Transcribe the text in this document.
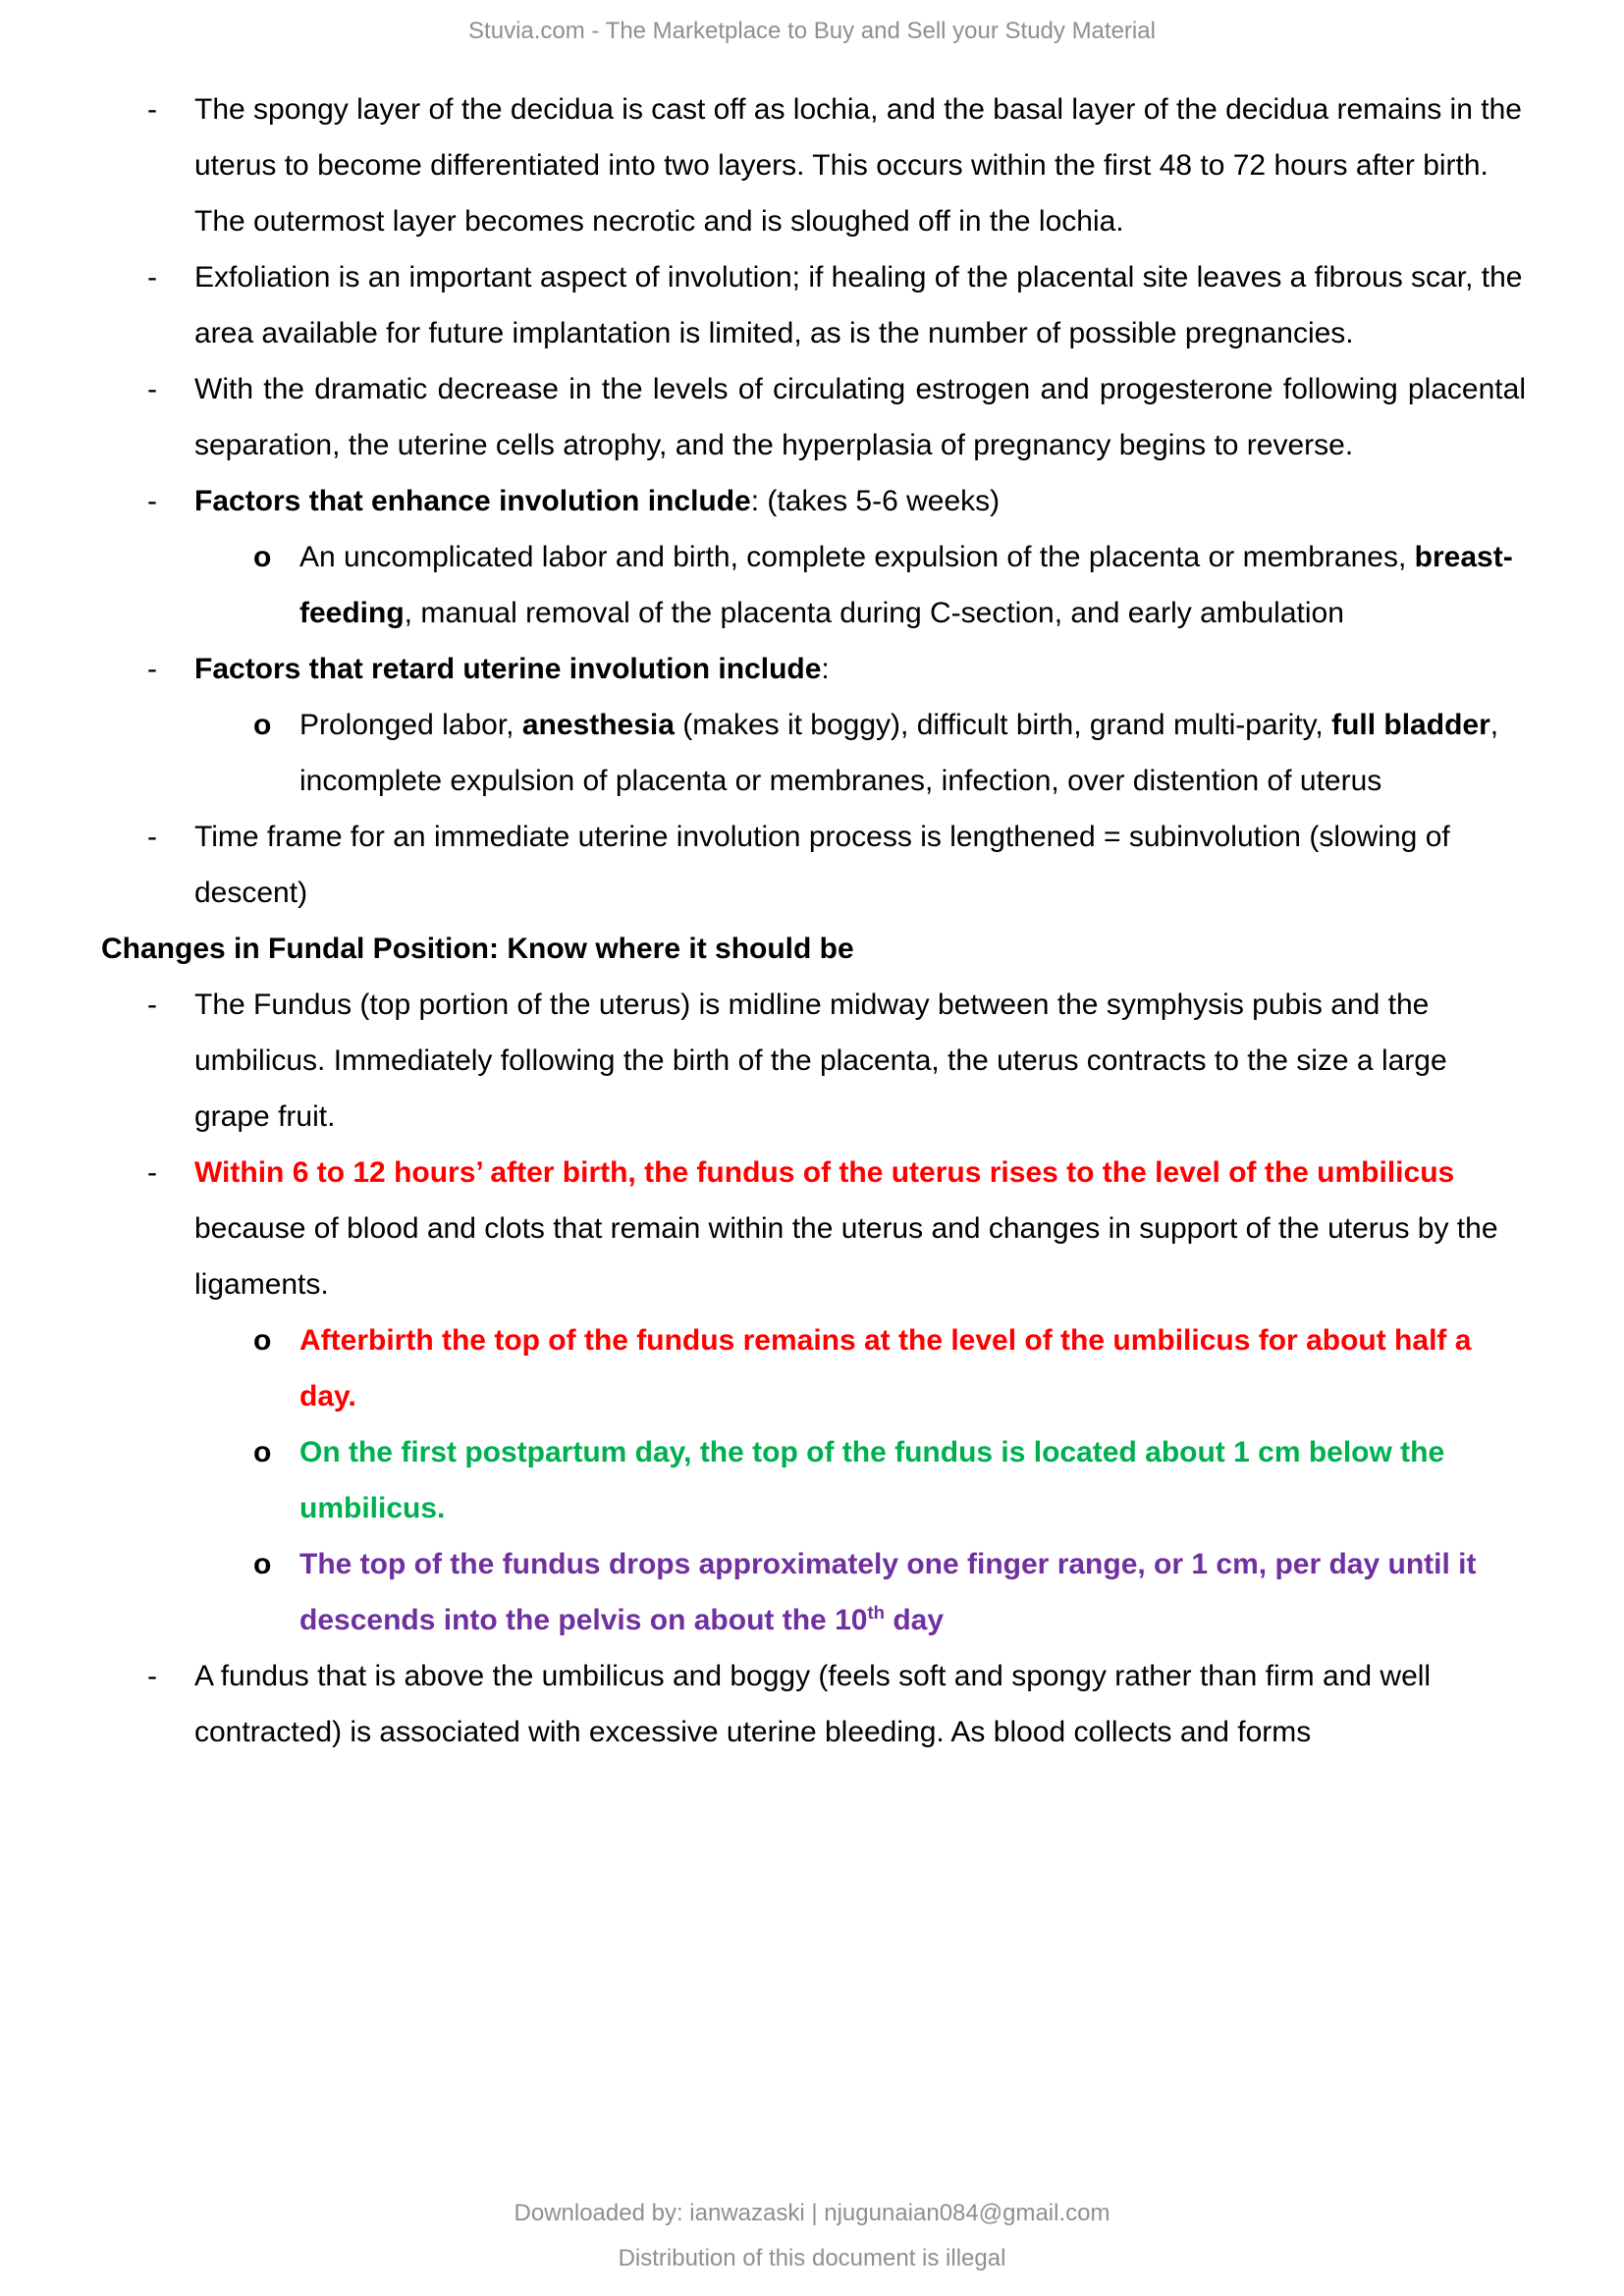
Stuvia.com - The Marketplace to Buy and Sell your Study Material
-	The spongy layer of the decidua is cast off as lochia, and the basal layer of the decidua remains in the uterus to become differentiated into two layers. This occurs within the first 48 to 72 hours after birth. The outermost layer becomes necrotic and is sloughed off in the lochia.
-	Exfoliation is an important aspect of involution; if healing of the placental site leaves a fibrous scar, the area available for future implantation is limited, as is the number of possible pregnancies.
-	With the dramatic decrease in the levels of circulating estrogen and progesterone following placental separation, the uterine cells atrophy, and the hyperplasia of pregnancy begins to reverse.
-	Factors that enhance involution include: (takes 5-6 weeks)
o An uncomplicated labor and birth, complete expulsion of the placenta or membranes, breast-feeding, manual removal of the placenta during C-section, and early ambulation
-	Factors that retard uterine involution include:
o Prolonged labor, anesthesia (makes it boggy), difficult birth, grand multi-parity, full bladder, incomplete expulsion of placenta or membranes, infection, over distention of uterus
-	Time frame for an immediate uterine involution process is lengthened = subinvolution (slowing of descent)
Changes in Fundal Position: Know where it should be
-	The Fundus (top portion of the uterus) is midline midway between the symphysis pubis and the umbilicus. Immediately following the birth of the placenta, the uterus contracts to the size a large grape fruit.
-	Within 6 to 12 hours’ after birth, the fundus of the uterus rises to the level of the umbilicus because of blood and clots that remain within the uterus and changes in support of the uterus by the ligaments.
o Afterbirth the top of the fundus remains at the level of the umbilicus for about half a day.
o On the first postpartum day, the top of the fundus is located about 1 cm below the umbilicus.
o The top of the fundus drops approximately one finger range, or 1 cm, per day until it descends into the pelvis on about the 10th day
-	A fundus that is above the umbilicus and boggy (feels soft and spongy rather than firm and well contracted) is associated with excessive uterine bleeding. As blood collects and forms
Downloaded by: ianwazaski | njugunaian084@gmail.com
Distribution of this document is illegal
